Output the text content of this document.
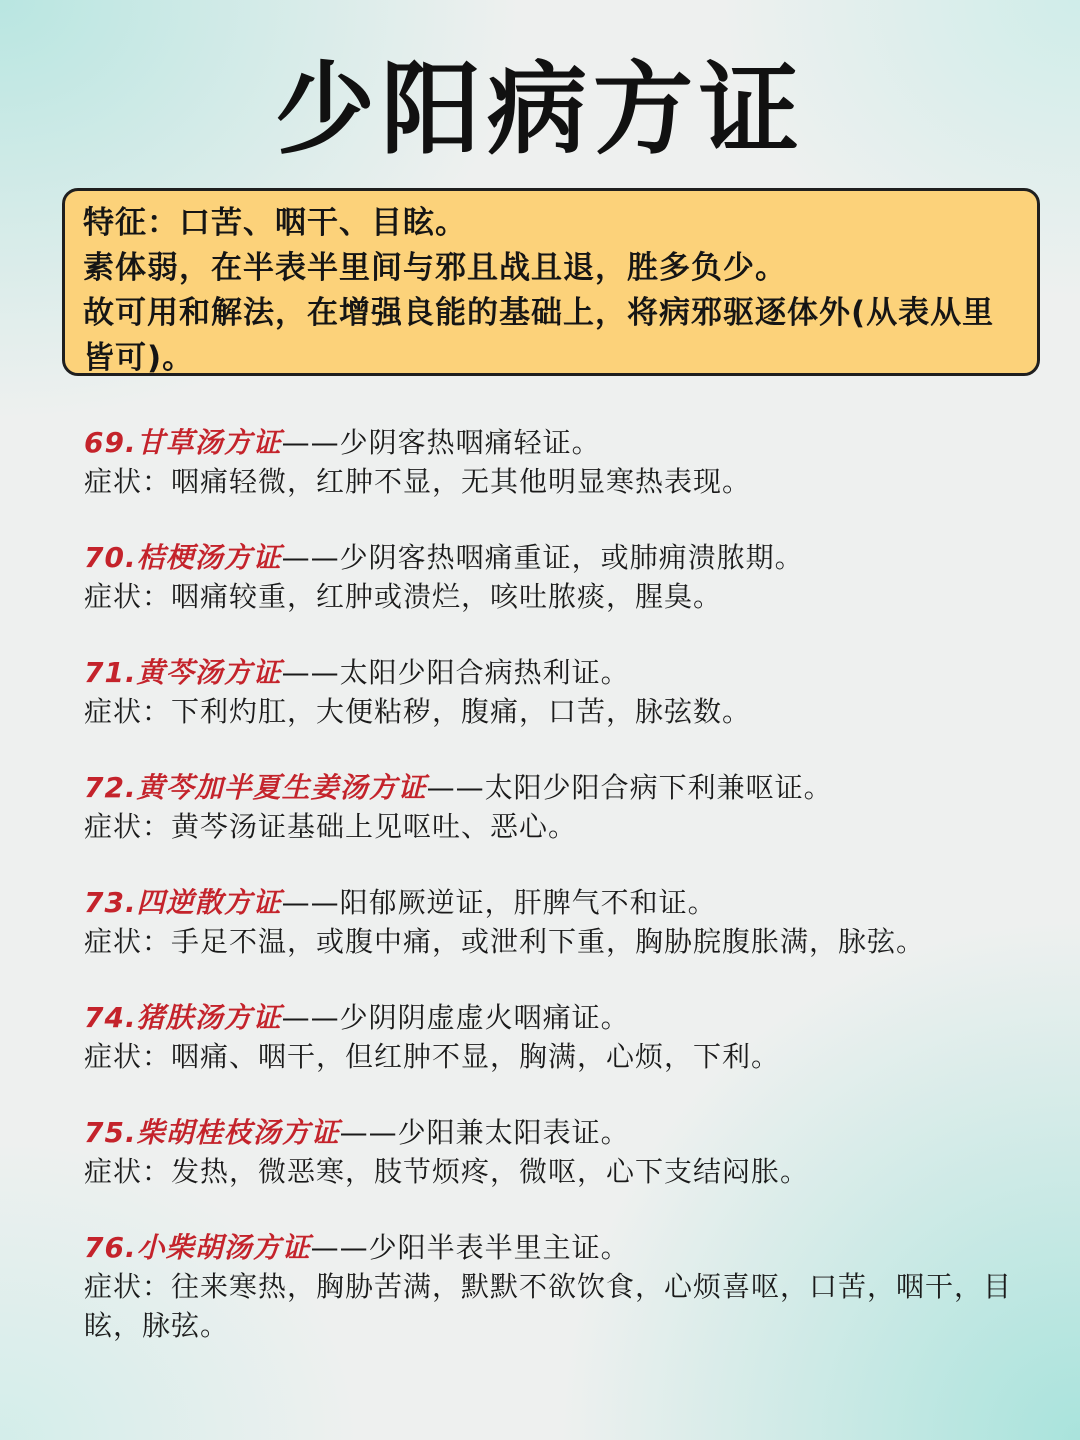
少阳病方证

特征：口苦、咽干、目眩。

素体弱，在半表半里间与邪且战且退，胜多负少。

故可用和解法，在增强良能的基础上，将病邪驱逐体外(从表从里皆可)。

69.甘草汤方证——少阴客热咽痛轻证。
症状：咽痛轻微，红肿不显，无其他明显寒热表现。
70.桔梗汤方证——少阴客热咽痛重证，或肺痈溃脓期。
症状：咽痛较重，红肿或溃烂，咳吐脓痰，腥臭。
71.黄芩汤方证——太阳少阳合病热利证。
症状：下利灼肛，大便粘秽，腹痛，口苦，脉弦数。
72.黄芩加半夏生姜汤方证——太阳少阳合病下利兼呕证。
症状：黄芩汤证基础上见呕吐、恶心。
73.四逆散方证——阳郁厥逆证，肝脾气不和证。
症状：手足不温，或腹中痛，或泄利下重，胸胁脘腹胀满，脉弦。
74.猪肤汤方证——少阴阴虚虚火咽痛证。
症状：咽痛、咽干，但红肿不显，胸满，心烦，下利。
75.柴胡桂枝汤方证——少阳兼太阳表证。
症状：发热，微恶寒，肢节烦疼，微呕，心下支结闷胀。
76.小柴胡汤方证——少阳半表半里主证。
症状：往来寒热，胸胁苦满，默默不欲饮食，心烦喜呕，口苦，咽干，目眩，脉弦。
